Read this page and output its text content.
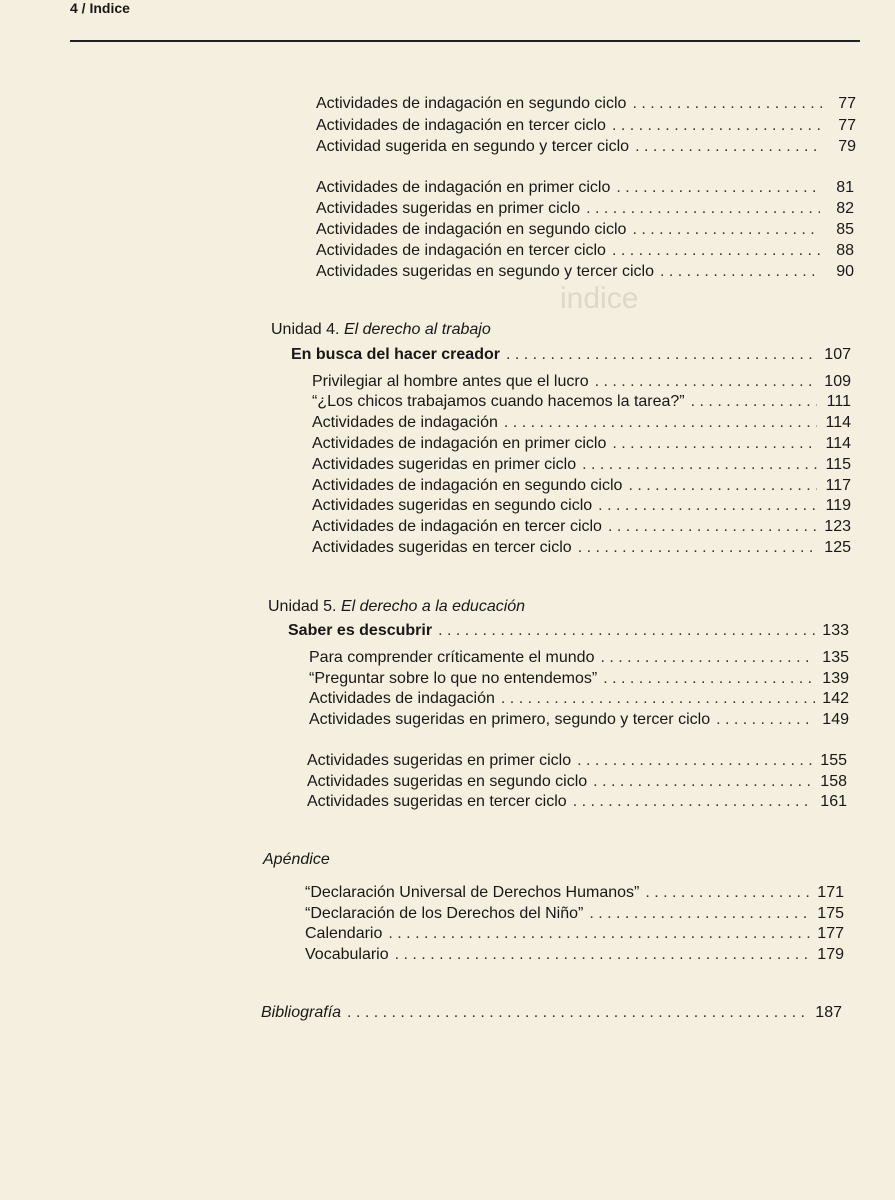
4 / Indice
indice
Actividades de indagación en segundo ciclo . . .	77
Actividades de indagación en tercer ciclo . . .	77
Actividad sugerida en segundo y tercer ciclo . . .	79
Actividades de indagación en primer ciclo . . .	81
Actividades sugeridas en primer ciclo . . .	82
Actividades de indagación en segundo ciclo . . .	85
Actividades de indagación en tercer ciclo . . .	88
Actividades sugeridas en segundo y tercer ciclo . . .	90
Unidad 4. El derecho al trabajo
En busca del hacer creador . . .	107
Privilegiar al hombre antes que el lucro . . .	109
“¿Los chicos trabajamos cuando hacemos la tarea?” . . .	111
Actividades de indagación . . .	114
Actividades de indagación en primer ciclo . . .	114
Actividades sugeridas en primer ciclo . . .	115
Actividades de indagación en segundo ciclo . . .	117
Actividades sugeridas en segundo ciclo . . .	119
Actividades de indagación en tercer ciclo . . .	123
Actividades sugeridas en tercer ciclo . . .	125
Unidad 5. El derecho a la educación
Saber es descubrir . . .	133
Para comprender críticamente el mundo . . .	135
“Preguntar sobre lo que no entendemos” . . .	139
Actividades de indagación . . .	142
Actividades sugeridas en primero, segundo y tercer ciclo . . .	149
Actividades sugeridas en primer ciclo . . .	155
Actividades sugeridas en segundo ciclo . . .	158
Actividades sugeridas en tercer ciclo . . .	161
Apéndice
“Declaración Universal de Derechos Humanos” . . .	171
“Declaración de los Derechos del Niño” . . .	175
Calendario . . .	177
Vocabulario . . .	179
Bibliografía . . .	187
